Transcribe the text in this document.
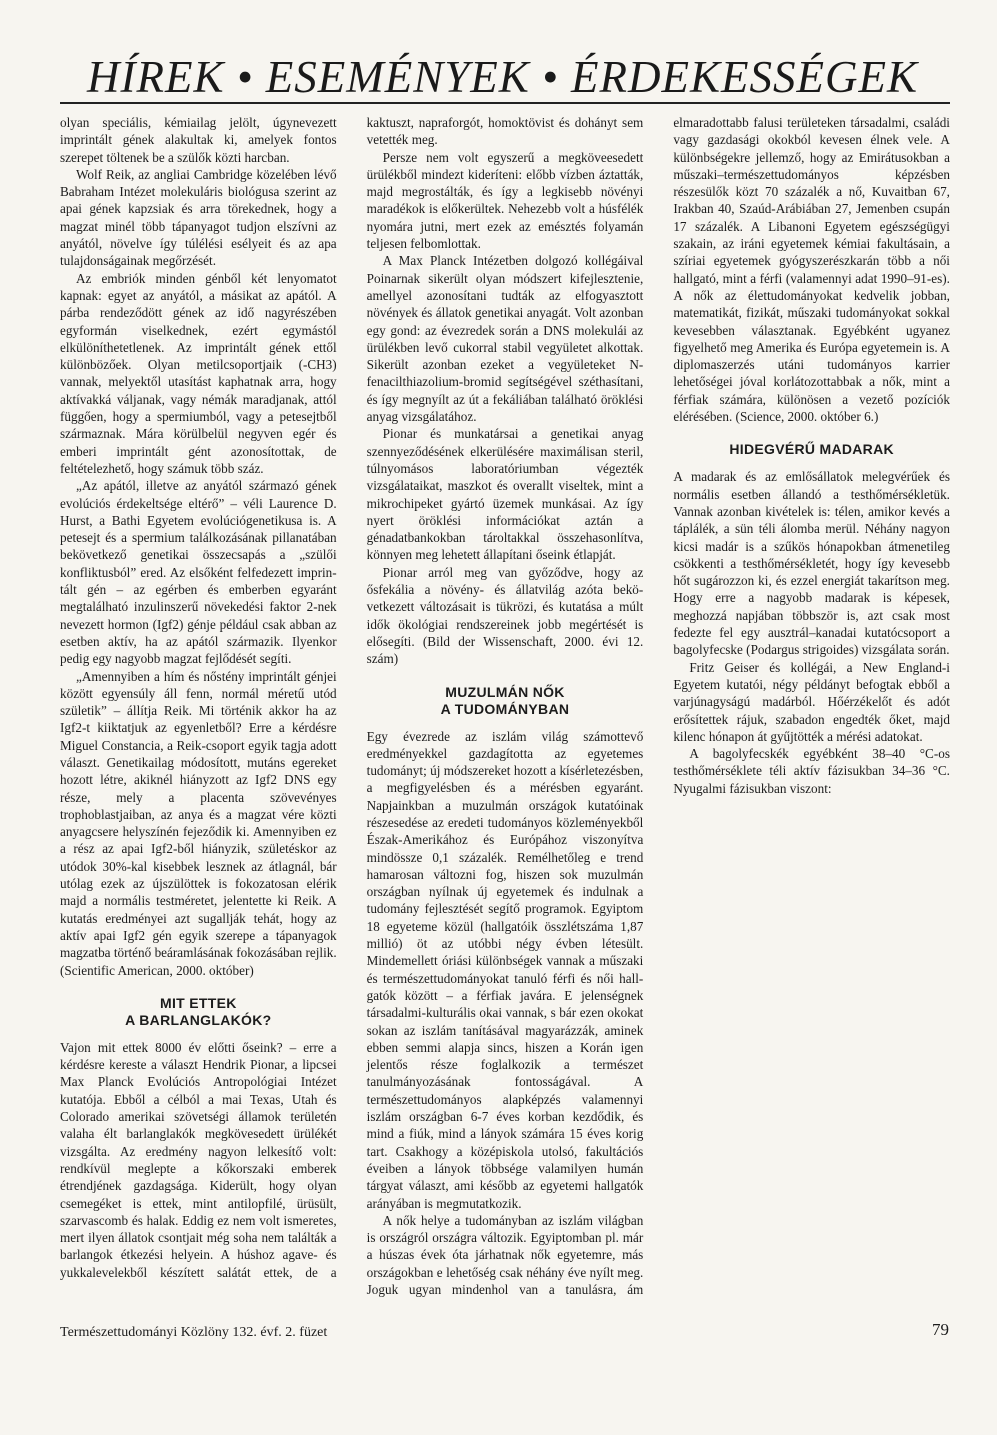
HÍREK • ESEMÉNYEK • ÉRDEKESSÉGEK

olyan speciális, kémiailag jelölt, úgynevezett imprintált gének alakultak ki, amelyek fontos szerepet töltenek be a szülők közti harcban.

Wolf Reik, az angliai Cambridge közelében lévő Babraham Intézet molekuláris biológusa szerint az apai gének kapzsiak és arra törekednek, hogy a magzat minél több tápanyagot tudjon elszívni az anyától, növelve így túlélési esélyeit és az apa tulajdonságainak megőrzését.

Az embriók minden génből két lenyomatot kapnak: egyet az anyától, a másikat az apától. A párba rendeződött gének az idő nagyrészében egyformán viselkednek, ezért egymástól elkülöníthetetlenek. Az imprintált gének ettől különbözőek. Olyan metilcsoportjaik (-CH3) vannak, melyektől utasítást kaphatnak arra, hogy aktívakká váljanak, vagy némák maradjanak, attól függően, hogy a spermiumból, vagy a petesejtből származnak. Mára körülbelül negyven egér és emberi imprintált gént azonosítottak, de feltételezhető, hogy számuk több száz.

„Az apától, illetve az anyától származó gének evolúciós érdekeltsége eltérő” – véli Laurence D. Hurst, a Bathi Egyetem evolúciógenetikusa is. A petesejt és a spermium találkozásának pillanatában bekövetkező genetikai összecsapás a „szülői konfliktusból” ered. Az elsőként felfedezett imprintált gén – az egérben és emberben egyaránt megtalálható inzulinszerű növekedési faktor 2-nek nevezett hormon (Igf2) génje például csak abban az esetben aktív, ha az apától származik. Ilyenkor pedig egy nagyobb magzat fejlődését segíti.

„Amennyiben a hím és nőstény imprintált génjei között egyensúly áll fenn, normál méretű utód születik” – állítja Reik. Mi történik akkor ha az Igf2-t kiiktatjuk az egyenletből? Erre a kérdésre Miguel Constancia, a Reik-csoport egyik tagja adott választ. Genetikailag módosított, mutáns egereket hozott létre, akiknél hiányzott az Igf2 DNS egy része, mely a placenta szövevényes trophoblastjaiban, az anya és a magzat vére közti anyagcsere helyszínén fejeződik ki. Amennyiben ez a rész az apai Igf2-ből hiányzik, születéskor az utódok 30%-kal kisebbek lesznek az átlagnál, bár utólag ezek az újszülöttek is fokozatosan elérik majd a normális testméretet, jelentette ki Reik. A kutatás eredményei azt sugallják tehát, hogy az aktív apai Igf2 gén egyik szerepe a tápanyagok magzatba történő beáramlásának fokozásában rejlik. (Scientific American, 2000. október)

MIT ETTEK
A BARLANGLAKÓK?

Vajon mit ettek 8000 év előtti őseink? – erre a kérdésre kereste a választ Hendrik Pionar, a lipcsei Max Planck Evolúciós Antropológiai Intézet kutatója. Ebből a célból a mai Texas, Utah és Colorado amerikai szövetségi államok területén valaha élt barlanglakók megkövesedett ürülékét vizsgálta. Az eredmény nagyon lelkesítő volt: rendkívül meglepte a kőkorszaki emberek étrendjének gazdagsága. Kiderült, hogy olyan csemegéket is ettek, mint antilopfilé, ürüsült, szarvascomb és halak. Eddig ez nem volt ismeretes, mert ilyen állatok csontjait még soha nem találták a barlangok étkezési helyein. A húshoz agave- és yukkalevelekből készített salátát ettek, de a kaktuszt, napraforgót, homoktövist és dohányt sem vetették meg.

Persze nem volt egyszerű a megköveesedett ürülékből mindezt kideríteni: előbb vízben áztatták, majd megrostálták, és így a legkisebb növényi maradékok is előkerültek. Nehezebb volt a húsfélék nyomára jutni, mert ezek az emésztés folyamán teljesen felbomlottak.

A Max Planck Intézetben dolgozó kollégáival Poinarnak sikerült olyan módszert kifejlesztenie, amellyel azonosítani tudták az elfogyasztott növények és állatok genetikai anyagát. Volt azonban egy gond: az évezredek során a DNS molekulái az ürülékben levő cukorral stabil vegyületet alkottak. Sikerült azonban ezeket a vegyületeket N-fenacilthiazolium-bromid segítségével széthasítani, és így megnyílt az út a fekáliában található öröklési anyag vizsgálatához.

Pionar és munkatársai a genetikai anyag szennyeződésének elkerülésére maximálisan steril, túlnyomásos laboratóriumban végezték vizsgálataikat, maszkot és overallt viseltek, mint a mikrochipeket gyártó üzemek munkásai. Az így nyert öröklési információkat aztán a génadatbankokban tároltakkal összehasonlítva, könnyen meg lehetett állapítani őseink étlapját.

Pionar arról meg van győződve, hogy az ősfekália a növény- és állatvilág azóta bekövetkezett változásait is tükrözi, és kutatása a múlt idők ökológiai rendszereinek jobb megértését is elősegíti. (Bild der Wissenschaft, 2000. évi 12. szám)

MUZULMÁN NŐK
A TUDOMÁNYBAN

Egy évezrede az iszlám világ számottevő eredményekkel gazdagította az egyetemes tudományt; új módszereket hozott a kísérletezésben, a megfigyelésben és a mérésben egyaránt. Napjainkban a muzulmán országok kutatóinak részesedése az eredeti tudományos közleményekből Észak-Amerikához és Európához viszonyítva mindössze 0,1 százalék. Remélhetőleg e trend hamarosan változni fog, hiszen sok muzulmán országban nyílnak új egyetemek és indulnak a tudomány fejlesztését segítő programok. Egyiptom 18 egyeteme közül (hallgatóik összlétszáma 1,87 millió) öt az utóbbi négy évben létesült. Mindemellett óriási különbségek vannak a műszaki és természettudományokat tanuló férfi és női hallgatók között – a férfiak javára. E jelenségnek társadalmi-kulturális okai vannak, s bár ezen okokat sokan az iszlám tanításával magyarázzák, aminek ebben semmi alapja sincs, hiszen a Korán igen jelentős része foglalkozik a természet tanulmányozásának fontosságával. A természettudományos alapképzés valamennyi iszlám országban 6-7 éves korban kezdődik, és mind a fiúk, mind a lányok számára 15 éves korig tart. Csakhogy a középiskola utolsó, fakultációs éveiben a lányok többsége valamilyen humán tárgyat választ, ami később az egyetemi hallgatók arányában is megmutatkozik.

A nők helye a tudományban az iszlám világban is országról országra változik. Egyiptomban pl. már a húszas évek óta járhatnak nők egyetemre, más országokban e lehetőség csak néhány éve nyílt meg. Joguk ugyan mindenhol van a tanulásra, ám elmaradottabb falusi területeken társadalmi, családi vagy gazdasági okokból kevesen élnek vele. A különbségekre jellemző, hogy az Emirátusokban a műszaki–természettudományos képzésben részesülők közt 70 százalék a nő, Kuvaitban 67, Irakban 40, Szaúd-Arábiában 27, Jemenben csupán 17 százalék. A Libanoni Egyetem egészségügyi szakain, az iráni egyetemek kémiai fakultásain, a szíriai egyetemek gyógyszerészkarán több a női hallgató, mint a férfi (valamennyi adat 1990–91-es). A nők az élettudományokat kedvelik jobban, matematikát, fizikát, műszaki tudományokat sokkal kevesebben választanak. Egyébként ugyanez figyelhető meg Amerika és Európa egyetemein is. A diplomaszerzés utáni tudományos karrier lehetőségei jóval korlátozottabbak a nők, mint a férfiak számára, különösen a vezető pozíciók elérésében. (Science, 2000. október 6.)

HIDEGVÉRŰ MADARAK

A madarak és az emlősállatok melegvérűek és normális esetben állandó a testhőmérsékletük. Vannak azonban kivételek is: télen, amikor kevés a táplálék, a sün téli álomba merül. Néhány nagyon kicsi madár is a szűkös hónapokban átmenetileg csökkenti a testhőmérsékletét, hogy így kevesebb hőt sugározzon ki, és ezzel energiát takarítson meg. Hogy erre a nagyobb madarak is képesek, meghozzá napjában többször is, azt csak most fedezte fel egy ausztrál–kanadai kutatócsoport a bagolyfecske (Podargus strigoides) vizsgálata során.

Fritz Geiser és kollégái, a New England-i Egyetem kutatói, négy példányt befogtak ebből a varjúnagyságú madárból. Hőérzékelőt és adót erősítettek rájuk, szabadon engedték őket, majd kilenc hónapon át gyűjtötték a mérési adatokat.

A bagolyfecskék egyébként 38–40 °C-os testhőmérséklete téli aktív fázisukban 34–36 °C. Nyugalmi fázisukban viszont:

Természettudományi Közlöny 132. évf. 2. füzet	79
